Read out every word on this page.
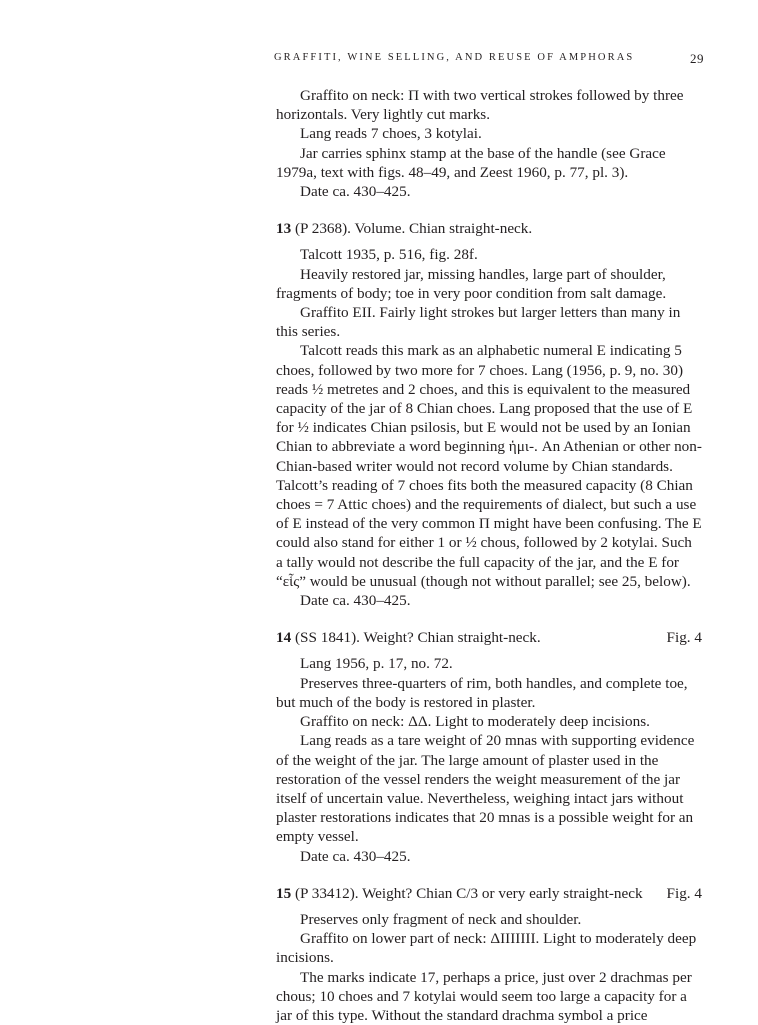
GRAFFITI, WINE SELLING, AND REUSE OF AMPHORAS	29

Graffito on neck: Π with two vertical strokes followed by three horizontals. Very lightly cut marks.

Lang reads 7 choes, 3 kotylai.

Jar carries sphinx stamp at the base of the handle (see Grace 1979a, text with figs. 48–49, and Zeest 1960, p. 77, pl. 3).

Date ca. 430–425.

13 (P 2368). Volume. Chian straight-neck.

Talcott 1935, p. 516, fig. 28f.

Heavily restored jar, missing handles, large part of shoulder, fragments of body; toe in very poor condition from salt damage.

Graffito ΕΙΙ. Fairly light strokes but larger letters than many in this series.

Talcott reads this mark as an alphabetic numeral Ε indicating 5 choes, followed by two more for 7 choes. Lang (1956, p. 9, no. 30) reads ½ metretes and 2 choes, and this is equivalent to the measured capacity of the jar of 8 Chian choes. Lang proposed that the use of Ε for ½ indicates Chian psilosis, but Ε would not be used by an Ionian Chian to abbreviate a word beginning ἡμι-. An Athenian or other non-Chian-based writer would not record volume by Chian standards. Talcott’s reading of 7 choes fits both the measured capacity (8 Chian choes = 7 Attic choes) and the requirements of dialect, but such a use of Ε instead of the very common Π might have been confusing. The Ε could also stand for either 1 or ½ chous, followed by 2 kotylai. Such a tally would not describe the full capacity of the jar, and the Ε for “εἷς” would be unusual (though not without parallel; see 25, below).

Date ca. 430–425.

14 (SS 1841). Weight? Chian straight-neck.	Fig. 4

Lang 1956, p. 17, no. 72.

Preserves three-quarters of rim, both handles, and complete toe, but much of the body is restored in plaster.

Graffito on neck: ΔΔ. Light to moderately deep incisions.

Lang reads as a tare weight of 20 mnas with supporting evidence of the weight of the jar. The large amount of plaster used in the restoration of the vessel renders the weight measurement of the jar itself of uncertain value. Nevertheless, weighing intact jars without plaster restorations indicates that 20 mnas is a possible weight for an empty vessel.

Date ca. 430–425.

15 (P 33412). Weight? Chian C/3 or very early straight-neck Fig. 4

Preserves only fragment of neck and shoulder.

Graffito on lower part of neck: ΔΙΙΙΙΙΙΙ. Light to moderately deep incisions.

The marks indicate 17, perhaps a price, just over 2 drachmas per chous; 10 choes and 7 kotylai would seem too large a capacity for a jar of this type. Without the standard drachma symbol a price
